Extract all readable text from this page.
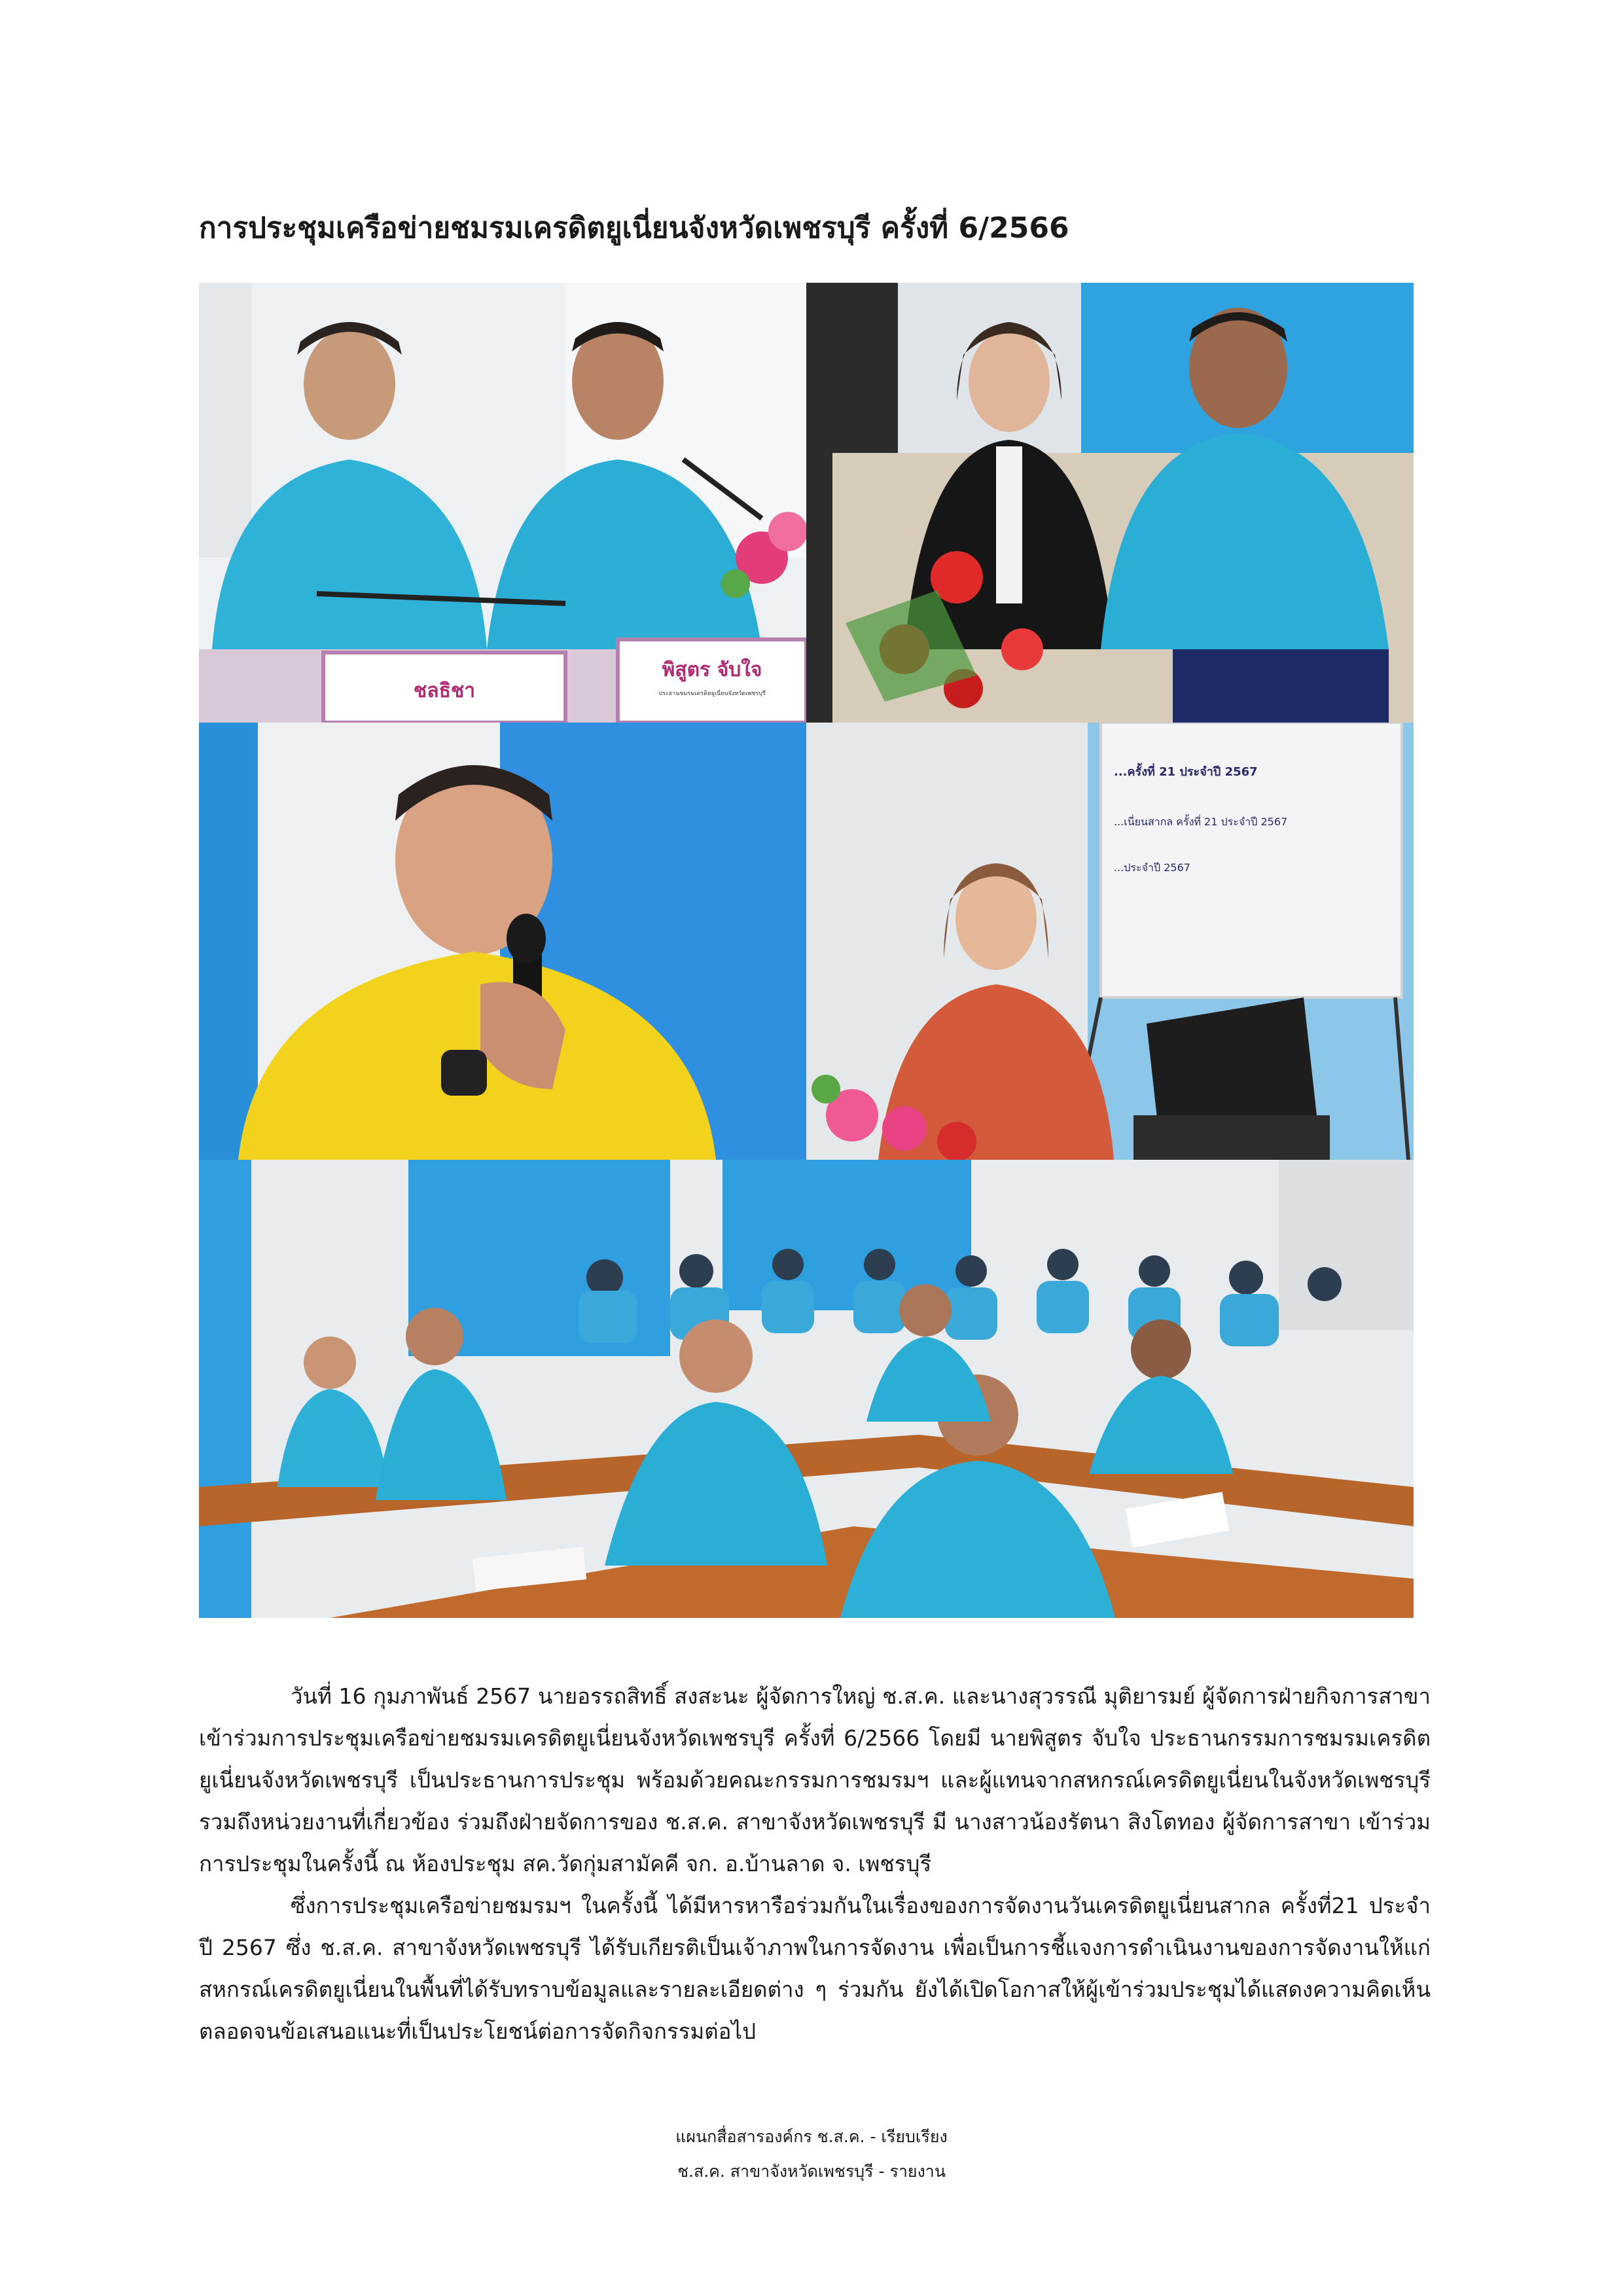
การประชุมเครือข่ายชมรมเครดิตยูเนี่ยนจังหวัดเพชรบุรี ครั้งที่ 6/2566
ชลธิชา
พิสูตร จับใจ
ประธานชมรมเครดิตยูเนี่ยนจังหวัดเพชรบุรี
...ครั้งที่ 21 ประจำปี 2567
...เนี่ยนสากล ครั้งที่ 21 ประจำปี 2567
...ประจำปี 2567

วันที่ 16 กุมภาพันธ์ 2567 นายอรรถสิทธิ์ สงสะนะ ผู้จัดการใหญ่ ช.ส.ค. และนางสุวรรณี มุติยารมย์ ผู้จัดการฝ่ายกิจการสาขา เข้าร่วมการประชุมเครือข่ายชมรมเครดิตยูเนี่ยนจังหวัดเพชรบุรี ครั้งที่ 6/2566 โดยมี นายพิสูตร จับใจ ประธานกรรมการชมรมเครดิตยูเนี่ยนจังหวัดเพชรบุรี เป็นประธานการประชุม พร้อมด้วยคณะกรรมการชมรมฯ และผู้แทนจากสหกรณ์เครดิตยูเนี่ยนในจังหวัดเพชรบุรี รวมถึงหน่วยงานที่เกี่ยวข้อง ร่วมถึงฝ่ายจัดการของ ช.ส.ค. สาขาจังหวัดเพชรบุรี มี นางสาวน้องรัตนา สิงโตทอง ผู้จัดการสาขา เข้าร่วมการประชุมในครั้งนี้ ณ ห้องประชุม สค.วัดกุ่มสามัคคี จก. อ.บ้านลาด จ. เพชรบุรี

ซึ่งการประชุมเครือข่ายชมรมฯ ในครั้งนี้ ได้มีหารหารือร่วมกันในเรื่องของการจัดงานวันเครดิตยูเนี่ยนสากล ครั้งที่21 ประจำปี 2567 ซึ่ง ช.ส.ค. สาขาจังหวัดเพชรบุรี ได้รับเกียรติเป็นเจ้าภาพในการจัดงาน เพื่อเป็นการชี้แจงการดำเนินงานของการจัดงานให้แก่สหกรณ์เครดิตยูเนี่ยนในพื้นที่ได้รับทราบข้อมูลและรายละเอียดต่าง ๆ ร่วมกัน ยังได้เปิดโอกาสให้ผู้เข้าร่วมประชุมได้แสดงความคิดเห็น ตลอดจนข้อเสนอแนะที่เป็นประโยชน์ต่อการจัดกิจกรรมต่อไป

แผนกสื่อสารองค์กร ช.ส.ค. - เรียบเรียง
ช.ส.ค. สาขาจังหวัดเพชรบุรี - รายงาน
